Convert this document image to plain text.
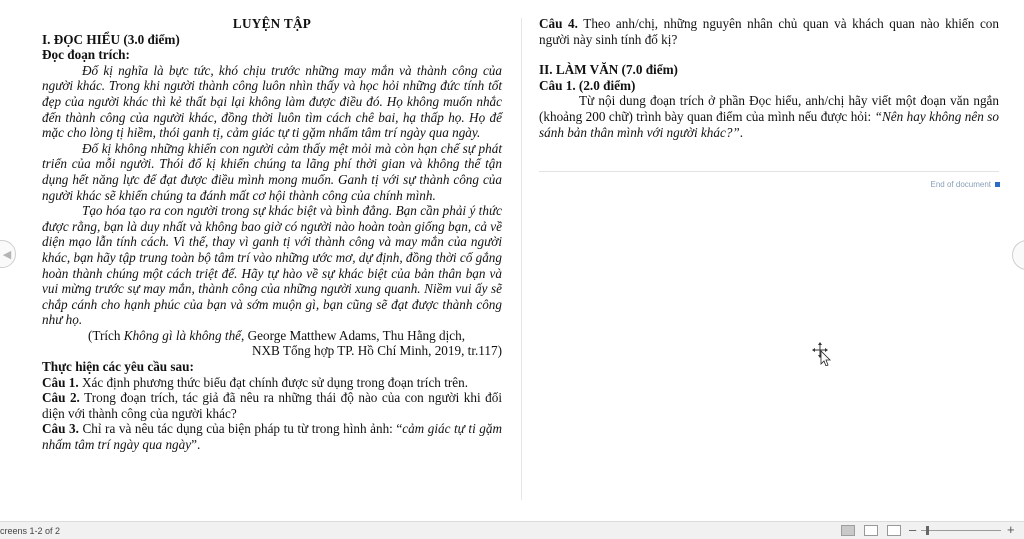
LUYỆN TẬP

I. ĐỌC HIỂU (3.0 điểm)

Đọc đoạn trích:

Đố kị nghĩa là bực tức, khó chịu trước những may mắn và thành công của người khác. Trong khi người thành công luôn nhìn thấy và học hỏi những đức tính tốt đẹp của người khác thì kẻ thất bại lại không làm được điều đó. Họ không muốn nhắc đến thành công của người khác, đồng thời luôn tìm cách chê bai, hạ thấp họ. Họ để mặc cho lòng tị hiềm, thói ganh tị, cảm giác tự ti gặm nhấm tâm trí ngày qua ngày.

Đố kị không những khiến con người cảm thấy mệt mỏi mà còn hạn chế sự phát triển của mỗi người. Thói đố kị khiến chúng ta lãng phí thời gian và không thể tận dụng hết năng lực để đạt được điều mình mong muốn. Ganh tị với sự thành công của người khác sẽ khiến chúng ta đánh mất cơ hội thành công của chính mình.

Tạo hóa tạo ra con người trong sự khác biệt và bình đẳng. Bạn cần phải ý thức được rằng, bạn là duy nhất và không bao giờ có người nào hoàn toàn giống bạn, cả về diện mạo lẫn tính cách. Vì thế, thay vì ganh tị với thành công và may mắn của người khác, bạn hãy tập trung toàn bộ tâm trí vào những ước mơ, dự định, đồng thời cố gắng hoàn thành chúng một cách triệt để. Hãy tự hào về sự khác biệt của bản thân bạn và vui mừng trước sự may mắn, thành công của những người xung quanh. Niềm vui ấy sẽ chắp cánh cho hạnh phúc của bạn và sớm muộn gì, bạn cũng sẽ đạt được thành công như họ.

(Trích Không gì là không thể, George Matthew Adams, Thu Hằng dịch,

NXB Tổng hợp TP. Hồ Chí Minh, 2019, tr.117)

Thực hiện các yêu cầu sau:

Câu 1. Xác định phương thức biểu đạt chính được sử dụng trong đoạn trích trên.

Câu 2. Trong đoạn trích, tác giả đã nêu ra những thái độ nào của con người khi đối diện với thành công của người khác?

Câu 3. Chỉ ra và nêu tác dụng của biện pháp tu từ trong hình ảnh: “cảm giác tự ti gặm nhấm tâm trí ngày qua ngày”.

Câu 4. Theo anh/chị, những nguyên nhân chủ quan và khách quan nào khiến con người này sinh tính đố kị?

II. LÀM VĂN (7.0 điểm)

Câu 1. (2.0 điểm)

Từ nội dung đoạn trích ở phần Đọc hiểu, anh/chị hãy viết một đoạn văn ngắn (khoảng 200 chữ) trình bày quan điểm của mình nếu được hỏi: “Nên hay không nên so sánh bản thân mình với người khác?”.

End of document
◀
creens 1-2 of 2	–	+
